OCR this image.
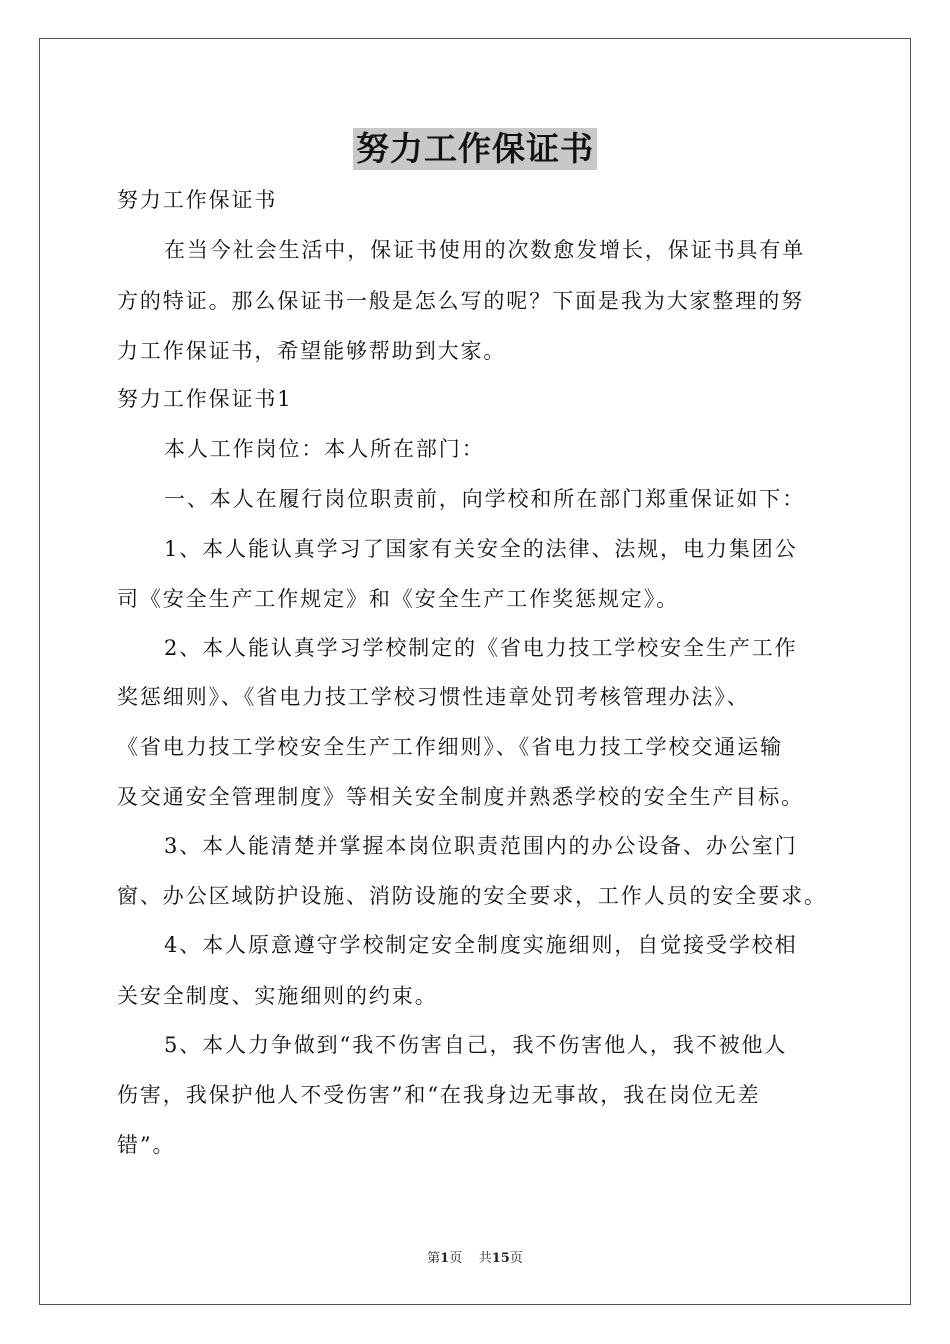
努力工作保证书
努力工作保证书
在当今社会生活中，保证书使用的次数愈发增长，保证书具有单
方的特证。那么保证书一般是怎么写的呢？下面是我为大家整理的努
力工作保证书，希望能够帮助到大家。
努力工作保证书1
本人工作岗位：本人所在部门：
一、本人在履行岗位职责前，向学校和所在部门郑重保证如下：
1、本人能认真学习了国家有关安全的法律、法规，电力集团公
司《安全生产工作规定》和《安全生产工作奖惩规定》。
2、本人能认真学习学校制定的《省电力技工学校安全生产工作
奖惩细则》、《省电力技工学校习惯性违章处罚考核管理办法》、
《省电力技工学校安全生产工作细则》、《省电力技工学校交通运输
及交通安全管理制度》等相关安全制度并熟悉学校的安全生产目标。
3、本人能清楚并掌握本岗位职责范围内的办公设备、办公室门
窗、办公区域防护设施、消防设施的安全要求，工作人员的安全要求。
4、本人原意遵守学校制定安全制度实施细则，自觉接受学校相
关安全制度、实施细则的约束。
5、本人力争做到“我不伤害自己，我不伤害他人，我不被他人
伤害，我保护他人不受伤害”和“在我身边无事故，我在岗位无差
错”。
第1页 共15页
